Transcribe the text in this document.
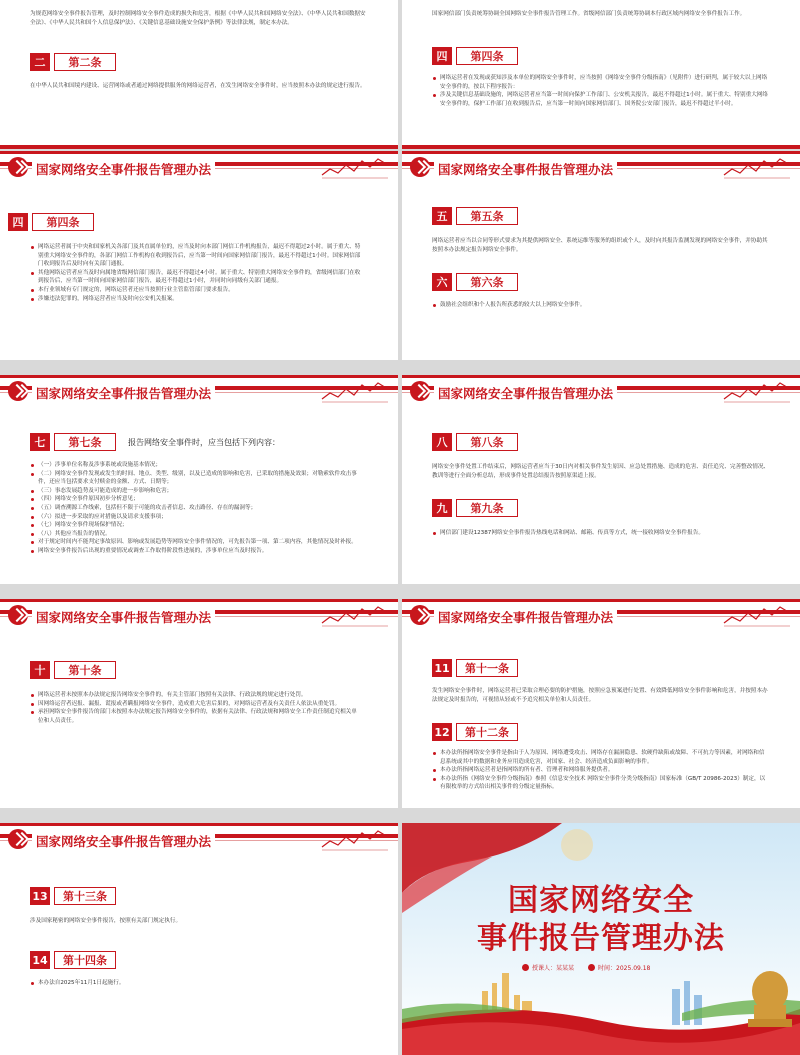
为规范网络安全事件报告管理，及时控制网络安全事件造成的损失和危害，根据《中华人民共和国网络安全法》、《中华人民共和国数据安全法》、《中华人民共和国个人信息保护法》、《关键信息基础设施安全保护条例》等法律法规，制定本办法。

二	第二条

在中华人民共和国境内建设、运营网络或者通过网络提供服务的网络运营者，在发生网络安全事件时，应当按照本办法的规定进行报告。

国家网信部门负责统筹协调全国网络安全事件报告管理工作。省级网信部门负责统筹协调本行政区域内网络安全事件报告工作。

四	第四条
网络运营者在发现或获知涉及本单位的网络安全事件时，应当按照《网络安全事件分级指南》（见附件）进行研判，属于较大以上网络安全事件的，按以下程序报告：
涉及关键信息基础设施的，网络运营者应当第一时间向保护工作部门、公安机关报告，最迟不得超过1小时。属于重大、特别重大网络安全事件的，保护工作部门在收到报告后，应当第一时间向国家网信部门、国务院公安部门报告，最迟不得超过半小时。
国家网络安全事件报告管理办法
四	第四条
网络运营者属于中央和国家机关各部门及其直属单位的，应当及时向本部门网信工作机构报告，最迟不得超过2小时。属于重大、特别重大网络安全事件的，各部门网信工作机构在收到报告后，应当第一时间向国家网信部门报告，最迟不得超过1小时。国家网信部门收到报告后及时向有关部门通报。
其他网络运营者应当及时向属地省级网信部门报告，最迟不得超过4小时。属于重大、特别重大网络安全事件的，省级网信部门在收到报告后，应当第一时间向国家网信部门报告，最迟不得超过1小时，并同时向同级有关部门通报。
本行业领域有专门规定的，网络运营者还应当按照行业主管监管部门要求报告。
涉嫌违法犯罪的，网络运营者应当及时向公安机关报案。
国家网络安全事件报告管理办法
五	第五条

网络运营者应当以合同等形式要求为其提供网络安全、系统运维等服务的组织或个人，及时向其报告监测发现的网络安全事件，并协助其按照本办法规定报告网络安全事件。

六	第六条
鼓励社会组织和个人报告所获悉的较大以上网络安全事件。
国家网络安全事件报告管理办法
七	第七条	报告网络安全事件时，应当包括下列内容：
（一）涉事单位名称及涉事系统或设施基本情况；
（二）网络安全事件发现或发生的时间、地点、类型、级别，以及已造成的影响和危害，已采取的措施及效果；对勒索软件攻击事件，还应当包括要求支付赎金的金额、方式、日期等；
（三）事态发展趋势及可能造成的进一步影响和危害；
（四）网络安全事件原因初步分析意见；
（五）调查溯源工作线索，包括但不限于可能的攻击者信息、攻击路径、存在的漏洞等；
（六）拟进一步采取的应对措施以及请求支援事项；
（七）网络安全事件现场保护情况；
（八）其他应当报告的情况。
对于规定时间内不能判定事故原因、影响或发展趋势等网络安全事件情况的，可先报告第一项、第二项内容，其他情况及时补报。
网络安全事件报告后出现的重要情况或调查工作取得阶段性进展的，涉事单位应当及时报告。
国家网络安全事件报告管理办法
八	第八条

网络安全事件处置工作结束后，网络运营者应当于30日内对相关事件发生原因、应急处置措施、造成的危害、责任追究、完善整改情况、教训等进行全面分析总结，形成事件处置总结报告按照原渠道上报。

九	第九条
网信部门建设12387网络安全事件报告热线电话和网站、邮箱、传真等方式，统一接收网络安全事件报告。
国家网络安全事件报告管理办法
十	第十条
网络运营者未按照本办法规定报告网络安全事件的，有关主管部门按照有关法律、行政法规的规定进行处罚。
因网络运营者迟报、漏报、谎报或者瞒报网络安全事件，造成重大危害后果的，对网络运营者及有关责任人依法从重处罚。
承担网络安全事件报告的部门未按照本办法规定报告网络安全事件的，依据有关法律、行政法规和网络安全工作责任制追究相关单位和人员责任。
国家网络安全事件报告管理办法
11	第十一条

发生网络安全事件时，网络运营者已采取合理必要的防护措施，按照应急预案进行处置、有效降低网络安全事件影响和危害，并按照本办法规定及时报告的，可视情从轻或不予追究相关单位和人员责任。

12	第十二条
本办法所指网络安全事件是指由于人为原因、网络遭受攻击、网络存在漏洞隐患、软硬件缺陷或故障、不可抗力等因素，对网络和信息系统或其中的数据和业务应用造成危害，对国家、社会、经济造成负面影响的事件。
本办法所指网络运营者是指网络的所有者、管理者和网络服务提供者。
本办法所指《网络安全事件分级指南》参照《信息安全技术 网络安全事件分类分级指南》国家标准（GB/T 20986-2023）制定，以有限枚举的方式给出相关事件的分级定量指标。
国家网络安全事件报告管理办法
13	第十三条

涉及国家秘密的网络安全事件报告，按照有关部门规定执行。

14	第十四条
本办法自2025年11月1日起施行。
国家网络安全
事件报告管理办法
授课人：某某某	时间：2025.09.18
